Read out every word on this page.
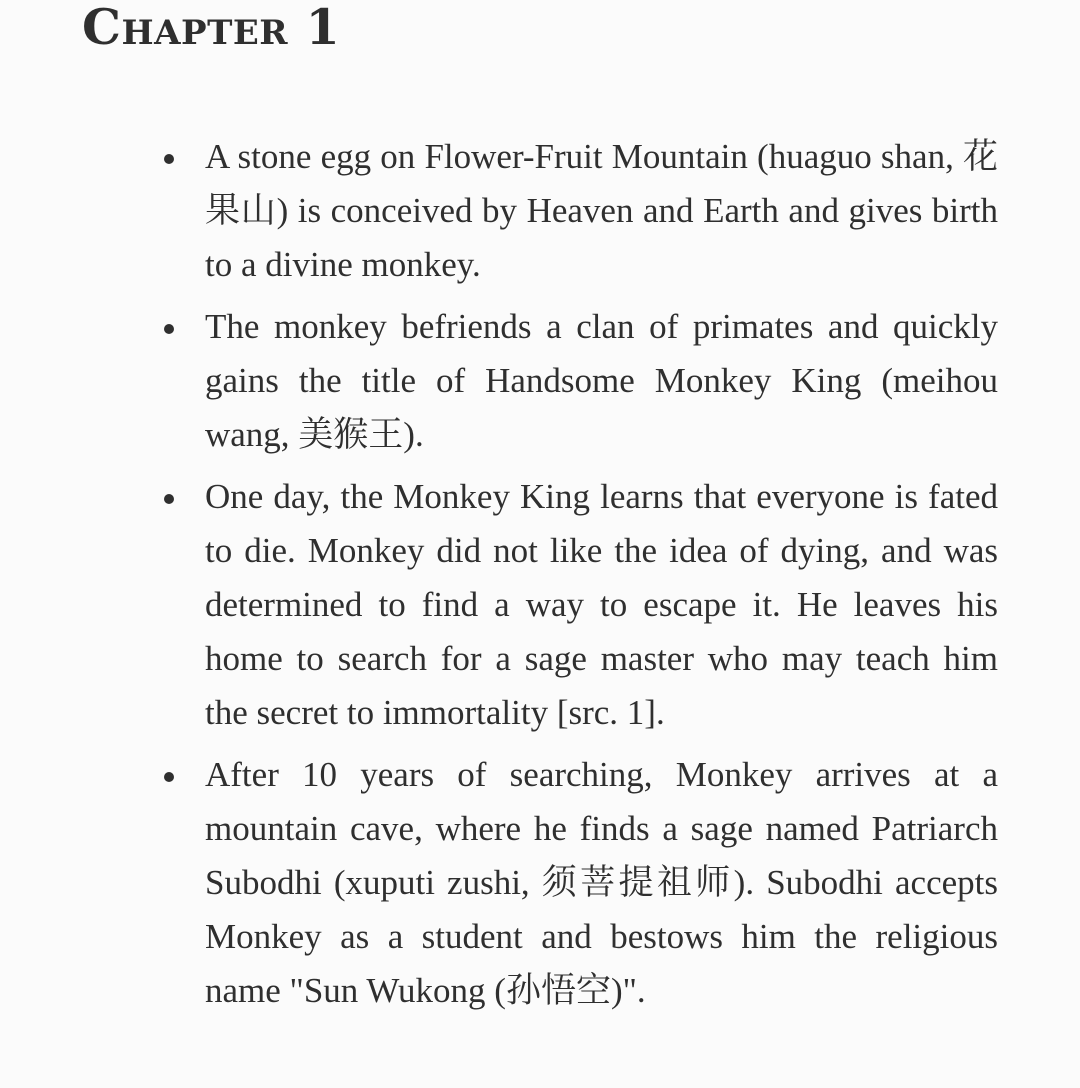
Chapter 1
A stone egg on Flower-Fruit Mountain (huaguo shan, 花果山) is conceived by Heaven and Earth and gives birth to a divine monkey.
The monkey befriends a clan of primates and quickly gains the title of Handsome Monkey King (meihou wang, 美猴王).
One day, the Monkey King learns that everyone is fated to die. Monkey did not like the idea of dying, and was determined to find a way to escape it. He leaves his home to search for a sage master who may teach him the secret to immortality [src. 1].
After 10 years of searching, Monkey arrives at a mountain cave, where he finds a sage named Patriarch Subodhi (xuputi zushi, 须菩提祖师). Subodhi accepts Monkey as a student and bestows him the religious name "Sun Wukong (孙悟空)".
